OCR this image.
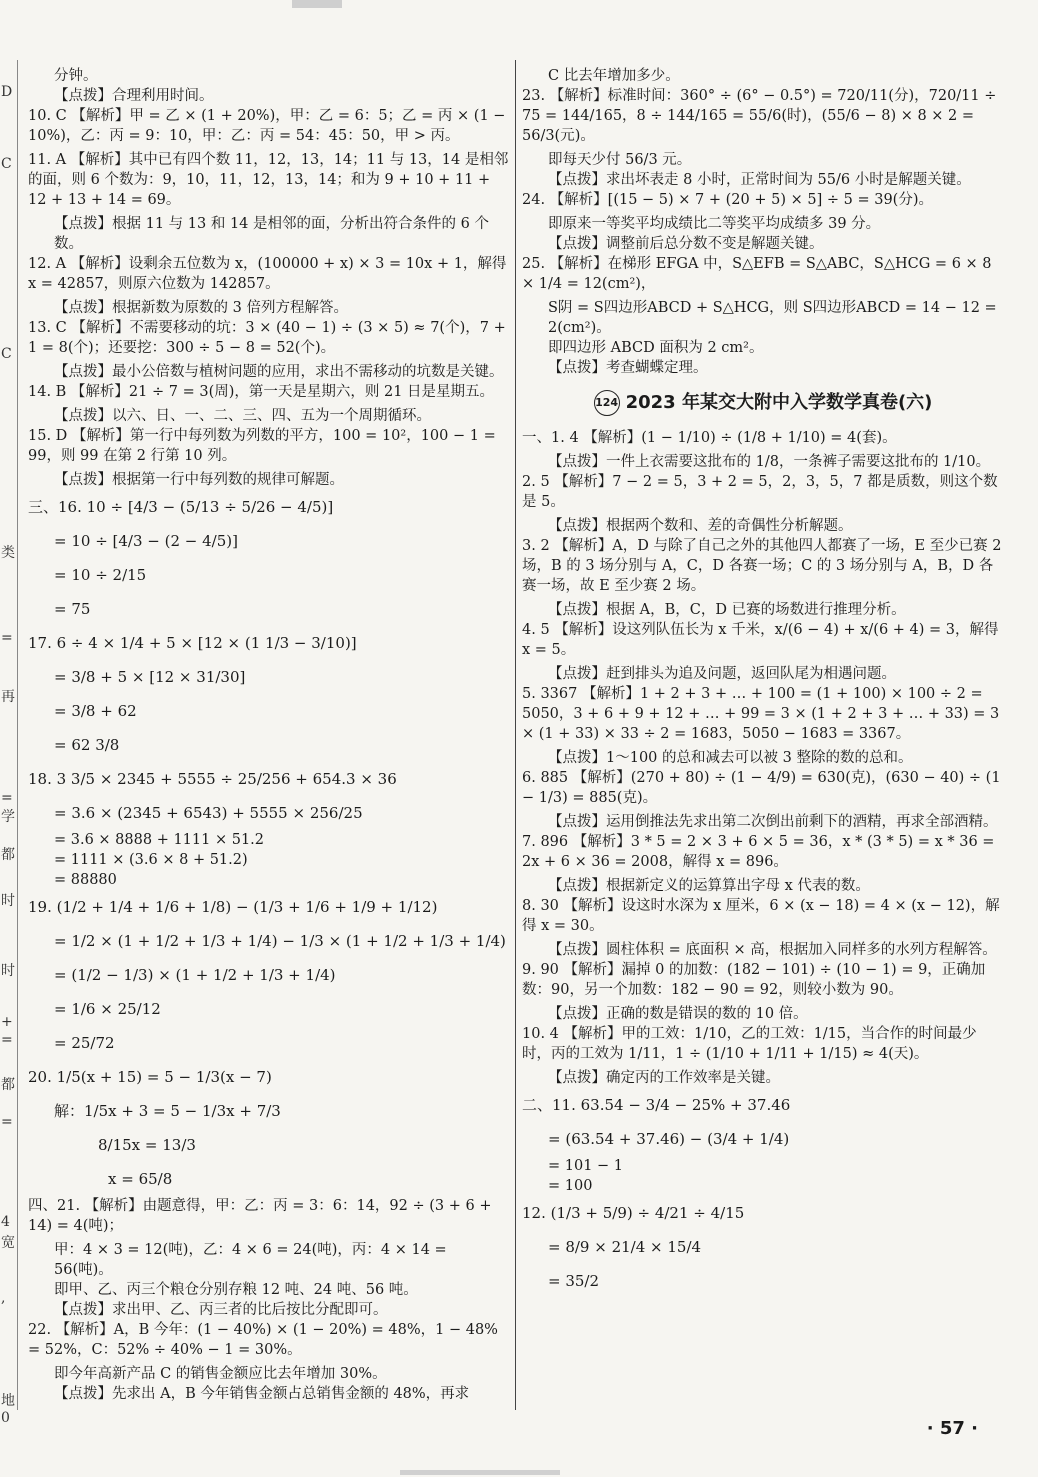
D
C
C
类
=
再
=
学
都
时
时
+
=
都
=
4
宽
,
地
0
分钟。
【点拨】合理利用时间。
10. C 【解析】甲 = 乙 × (1 + 20%)，甲：乙 = 6：5；乙 = 丙 × (1 − 10%)，乙：丙 = 9：10，甲：乙：丙 = 54：45：50，甲 > 丙。
11. A 【解析】其中已有四个数 11，12，13，14；11 与 13，14 是相邻的面，则 6 个数为：9，10，11，12，13，14；和为 9 + 10 + 11 + 12 + 13 + 14 = 69。
【点拨】根据 11 与 13 和 14 是相邻的面，分析出符合条件的 6 个数。
12. A 【解析】设剩余五位数为 x，(100000 + x) × 3 = 10x + 1，解得 x = 42857，则原六位数为 142857。
【点拨】根据新数为原数的 3 倍列方程解答。
13. C 【解析】不需要移动的坑：3 × (40 − 1) ÷ (3 × 5) ≈ 7(个)，7 + 1 = 8(个)；还要挖：300 ÷ 5 − 8 = 52(个)。
【点拨】最小公倍数与植树问题的应用，求出不需移动的坑数是关键。
14. B 【解析】21 ÷ 7 = 3(周)，第一天是星期六，则 21 日是星期五。
【点拨】以六、日、一、二、三、四、五为一个周期循环。
15. D 【解析】第一行中每列数为列数的平方，100 = 10²，100 − 1 = 99，则 99 在第 2 行第 10 列。
【点拨】根据第一行中每列数的规律可解题。
三、16. 10 ÷ [4/3 − (5/13 ÷ 5/26 − 4/5)]
= 10 ÷ [4/3 − (2 − 4/5)]
= 10 ÷ 2/15
= 75
17. 6 ÷ 4 × 1/4 + 5 × [12 × (1 1/3 − 3/10)]
= 3/8 + 5 × [12 × 31/30]
= 3/8 + 62
= 62 3/8
18. 3 3/5 × 2345 + 5555 ÷ 25/256 + 654.3 × 36
= 3.6 × (2345 + 6543) + 5555 × 256/25
= 3.6 × 8888 + 1111 × 51.2
= 1111 × (3.6 × 8 + 51.2)
= 88880
19. (1/2 + 1/4 + 1/6 + 1/8) − (1/3 + 1/6 + 1/9 + 1/12)
= 1/2 × (1 + 1/2 + 1/3 + 1/4) − 1/3 × (1 + 1/2 + 1/3 + 1/4)
= (1/2 − 1/3) × (1 + 1/2 + 1/3 + 1/4)
= 1/6 × 25/12
= 25/72
20. 1/5(x + 15) = 5 − 1/3(x − 7)
解：1/5x + 3 = 5 − 1/3x + 7/3
8/15x = 13/3
x = 65/8
四、21. 【解析】由题意得，甲：乙：丙 = 3：6：14，92 ÷ (3 + 6 + 14) = 4(吨)；
甲：4 × 3 = 12(吨)，乙：4 × 6 = 24(吨)，丙：4 × 14 = 56(吨)。
即甲、乙、丙三个粮仓分别存粮 12 吨、24 吨、56 吨。
【点拨】求出甲、乙、丙三者的比后按比分配即可。
22. 【解析】A，B 今年：(1 − 40%) × (1 − 20%) = 48%，1 − 48% = 52%，C：52% ÷ 40% − 1 = 30%。
即今年高新产品 C 的销售金额应比去年增加 30%。
【点拨】先求出 A，B 今年销售金额占总销售金额的 48%，再求
C 比去年增加多少。
23. 【解析】标准时间：360° ÷ (6° − 0.5°) = 720/11(分)，720/11 ÷ 75 = 144/165，8 ÷ 144/165 = 55/6(时)，(55/6 − 8) × 8 × 2 = 56/3(元)。
即每天少付 56/3 元。
【点拨】求出坏表走 8 小时，正常时间为 55/6 小时是解题关键。
24. 【解析】[(15 − 5) × 7 + (20 + 5) × 5] ÷ 5 = 39(分)。
即原来一等奖平均成绩比二等奖平均成绩多 39 分。
【点拨】调整前后总分数不变是解题关键。
25. 【解析】在梯形 EFGA 中，S△EFB = S△ABC，S△HCG = 6 × 8 × 1/4 = 12(cm²)，
S阴 = S四边形ABCD + S△HCG，则 S四边形ABCD = 14 − 12 = 2(cm²)。
即四边形 ABCD 面积为 2 cm²。
【点拨】考查蝴蝶定理。
124 2023 年某交大附中入学数学真卷(六)
一、1. 4 【解析】(1 − 1/10) ÷ (1/8 + 1/10) = 4(套)。
【点拨】一件上衣需要这批布的 1/8，一条裤子需要这批布的 1/10。
2. 5 【解析】7 − 2 = 5，3 + 2 = 5，2，3，5，7 都是质数，则这个数是 5。
【点拨】根据两个数和、差的奇偶性分析解题。
3. 2 【解析】A，D 与除了自己之外的其他四人都赛了一场，E 至少已赛 2 场，B 的 3 场分别与 A，C，D 各赛一场；C 的 3 场分别与 A，B，D 各赛一场，故 E 至少赛 2 场。
【点拨】根据 A，B，C，D 已赛的场数进行推理分析。
4. 5 【解析】设这列队伍长为 x 千米，x/(6 − 4) + x/(6 + 4) = 3，解得 x = 5。
【点拨】赶到排头为追及问题，返回队尾为相遇问题。
5. 3367 【解析】1 + 2 + 3 + … + 100 = (1 + 100) × 100 ÷ 2 = 5050，3 + 6 + 9 + 12 + … + 99 = 3 × (1 + 2 + 3 + … + 33) = 3 × (1 + 33) × 33 ÷ 2 = 1683，5050 − 1683 = 3367。
【点拨】1～100 的总和减去可以被 3 整除的数的总和。
6. 885 【解析】(270 + 80) ÷ (1 − 4/9) = 630(克)，(630 − 40) ÷ (1 − 1/3) = 885(克)。
【点拨】运用倒推法先求出第二次倒出前剩下的酒精，再求全部酒精。
7. 896 【解析】3 * 5 = 2 × 3 + 6 × 5 = 36，x * (3 * 5) = x * 36 = 2x + 6 × 36 = 2008，解得 x = 896。
【点拨】根据新定义的运算算出字母 x 代表的数。
8. 30 【解析】设这时水深为 x 厘米，6 × (x − 18) = 4 × (x − 12)，解得 x = 30。
【点拨】圆柱体积 = 底面积 × 高，根据加入同样多的水列方程解答。
9. 90 【解析】漏掉 0 的加数：(182 − 101) ÷ (10 − 1) = 9，正确加数：90，另一个加数：182 − 90 = 92，则较小数为 90。
【点拨】正确的数是错误的数的 10 倍。
10. 4 【解析】甲的工效：1/10，乙的工效：1/15，当合作的时间最少时，丙的工效为 1/11，1 ÷ (1/10 + 1/11 + 1/15) ≈ 4(天)。
【点拨】确定丙的工作效率是关键。
二、11. 63.54 − 3/4 − 25% + 37.46
= (63.54 + 37.46) − (3/4 + 1/4)
= 101 − 1
= 100
12. (1/3 + 5/9) ÷ 4/21 ÷ 4/15
= 8/9 × 21/4 × 15/4
= 35/2
· 57 ·
